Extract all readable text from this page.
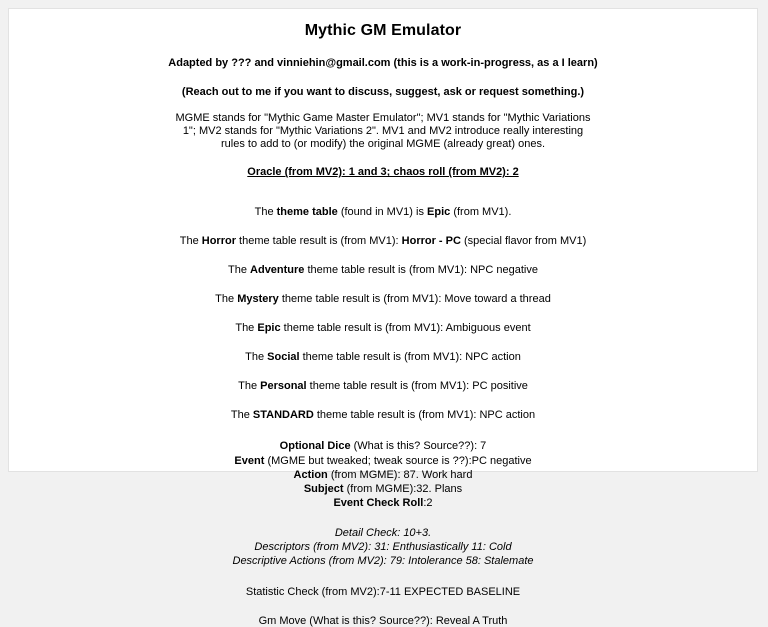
Mythic GM Emulator

Adapted by ??? and vinniehin@gmail.com (this is a work-in-progress, as a I learn)

(Reach out to me if you want to discuss, suggest, ask or request something.)

MGME stands for "Mythic Game Master Emulator"; MV1 stands for "Mythic Variations 1"; MV2 stands for "Mythic Variations 2". MV1 and MV2 introduce really interesting rules to add to (or modify) the original MGME (already great) ones.

Oracle (from MV2): 1 and 3; chaos roll (from MV2): 2

The theme table (found in MV1) is Epic (from MV1).
The Horror theme table result is (from MV1): Horror - PC (special flavor from MV1)
The Adventure theme table result is (from MV1): NPC negative
The Mystery theme table result is (from MV1): Move toward a thread
The Epic theme table result is (from MV1): Ambiguous event
The Social theme table result is (from MV1): NPC action
The Personal theme table result is (from MV1): PC positive
The STANDARD theme table result is (from MV1): NPC action

Optional Dice (What is this? Source??): 7

Event (MGME but tweaked; tweak source is ??):PC negative

Action (from MGME): 87. Work hard

Subject (from MGME):32. Plans

Event Check Roll:2

Detail Check: 10+3.

Descriptors (from MV2): 31: Enthusiastically 11: Cold

Descriptive Actions (from MV2): 79: Intolerance 58: Stalemate

Statistic Check (from MV2):7-11 EXPECTED BASELINE

Gm Move (What is this? Source??): Reveal A Truth
